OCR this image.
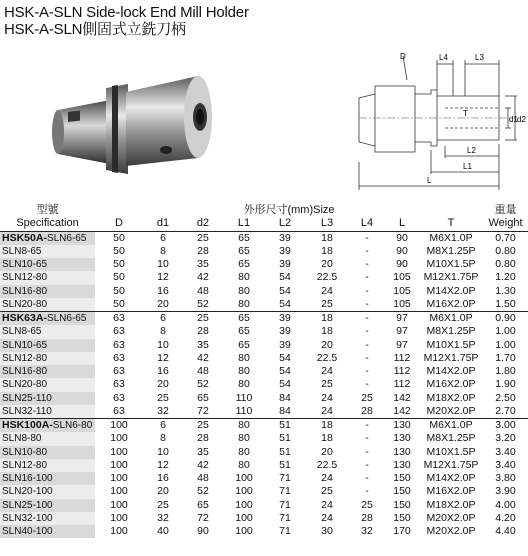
HSK-A-SLN Side-lock End Mill Holder
HSK-A-SLN側固式立銑刀柄
D	L4	L3
d1 d2
T
L2
L1
L
型號	外形尺寸(mm)Size									重量
Specification	D	d1	d2	L1	L2	L3	L4	L	T	Weight
HSK50A-SLN6-65	50	6	25	65	39	18	-	90	M6X1.0P	0.70
SLN8-65	50	8	28	65	39	18	-	90	M8X1.25P	0.80
SLN10-65	50	10	35	65	39	20	-	90	M10X1.5P	0.80
SLN12-80	50	12	42	80	54	22.5	-	105	M12X1.75P	1.20
SLN16-80	50	16	48	80	54	24	-	105	M14X2.0P	1.30
SLN20-80	50	20	52	80	54	25	-	105	M16X2.0P	1.50
HSK63A-SLN6-65	63	6	25	65	39	18	-	97	M6X1.0P	0.90
SLN8-65	63	8	28	65	39	18	-	97	M8X1.25P	1.00
SLN10-65	63	10	35	65	39	20	-	97	M10X1.5P	1.00
SLN12-80	63	12	42	80	54	22.5	-	112	M12X1.75P	1.70
SLN16-80	63	16	48	80	54	24	-	112	M14X2.0P	1.80
SLN20-80	63	20	52	80	54	25	-	112	M16X2.0P	1.90
SLN25-110	63	25	65	110	84	24	25	142	M18X2.0P	2.50
SLN32-110	63	32	72	110	84	24	28	142	M20X2.0P	2.70
HSK100A-SLN6-80	100	6	25	80	51	18	-	130	M6X1.0P	3.00
SLN8-80	100	8	28	80	51	18	-	130	M8X1.25P	3.20
SLN10-80	100	10	35	80	51	20	-	130	M10X1.5P	3.40
SLN12-80	100	12	42	80	51	22.5	-	130	M12X1.75P	3.40
SLN16-100	100	16	48	100	71	24	-	150	M14X2.0P	3.80
SLN20-100	100	20	52	100	71	25	-	150	M16X2.0P	3.90
SLN25-100	100	25	65	100	71	24	25	150	M18X2.0P	4.00
SLN32-100	100	32	72	100	71	24	28	150	M20X2.0P	4.20
SLN40-100	100	40	90	100	71	30	32	170	M20X2.0P	4.40
